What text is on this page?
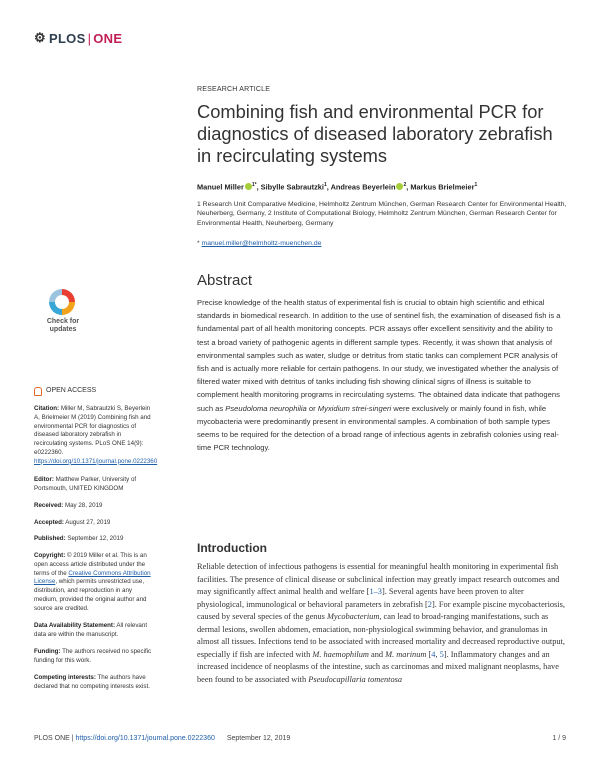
⚙ PLOS | ONE
RESEARCH ARTICLE
Combining fish and environmental PCR for diagnostics of diseased laboratory zebrafish in recirculating systems
Manuel Miller $^{1*}$, Sibylle Sabrautzki$^1$, Andreas Beyerlein $^2$, Markus Brielmeier$^1$
1 Research Unit Comparative Medicine, Helmholtz Zentrum München, German Research Center for Environmental Health, Neuherberg, Germany, 2 Institute of Computational Biology, Helmholtz Zentrum München, German Research Center for Environmental Health, Neuherberg, Germany
* manuel.miller@helmholtz-muenchen.de
Abstract
Precise knowledge of the health status of experimental fish is crucial to obtain high scientific and ethical standards in biomedical research. In addition to the use of sentinel fish, the examination of diseased fish is a fundamental part of all health monitoring concepts. PCR assays offer excellent sensitivity and the ability to test a broad variety of pathogenic agents in different sample types. Recently, it was shown that analysis of environmental samples such as water, sludge or detritus from static tanks can complement PCR analysis of fish and is actually more reliable for certain pathogens. In our study, we investigated whether the analysis of filtered water mixed with detritus of tanks including fish showing clinical signs of illness is suitable to complement health monitoring programs in recirculating systems. The obtained data indicate that pathogens such as Pseudoloma neurophilia or Myxidium strei-singeri were exclusively or mainly found in fish, while mycobacteria were predominantly present in environmental samples. A combination of both sample types seems to be required for the detection of a broad range of infectious agents in zebrafish colonies using real-time PCR technology.
Introduction
Reliable detection of infectious pathogens is essential for meaningful health monitoring in experimental fish facilities. The presence of clinical disease or subclinical infection may greatly impact research outcomes and may significantly affect animal health and welfare [1–3]. Several agents have been proven to alter physiological, immunological or behavioral parameters in zebrafish [2]. For example piscine mycobacteriosis, caused by several species of the genus Mycobacterium, can lead to broad-ranging manifestations, such as dermal lesions, swollen abdomen, emaciation, non-physiological swimming behavior, and granulomas in almost all tissues. Infections tend to be associated with increased mortality and decreased reproductive output, especially if fish are infected with M. haemophilum and M. marinum [4, 5]. Inflammatory changes and an increased incidence of neoplasms of the intestine, such as carcinomas and mixed malignant neoplasms, have been found to be associated with Pseudocapillaria tomentosa
Check for updates
OPEN ACCESS
Citation: Miller M, Sabrautzki S, Beyerlein A, Brielmeier M (2019) Combining fish and environmental PCR for diagnostics of diseased laboratory zebrafish in recirculating systems. PLoS ONE 14(9): e0222360. https://doi.org/10.1371/journal.pone.0222360
Editor: Matthew Parker, University of Portsmouth, UNITED KINGDOM
Received: May 28, 2019
Accepted: August 27, 2019
Published: September 12, 2019
Copyright: © 2019 Miller et al. This is an open access article distributed under the terms of the Creative Commons Attribution License, which permits unrestricted use, distribution, and reproduction in any medium, provided the original author and source are credited.
Data Availability Statement: All relevant data are within the manuscript.
Funding: The authors received no specific funding for this work.
Competing interests: The authors have declared that no competing interests exist.
PLOS ONE | https://doi.org/10.1371/journal.pone.0222360 September 12, 2019	1 / 9
